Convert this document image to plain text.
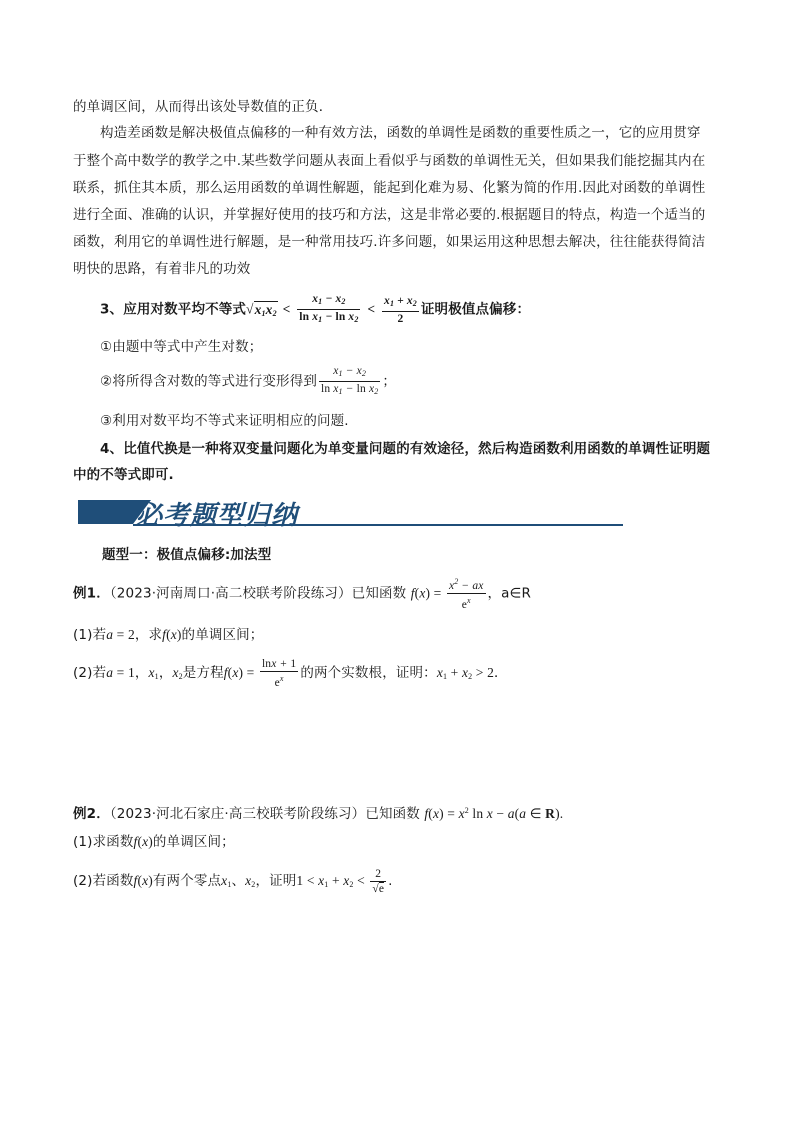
的单调区间，从而得出该处导数值的正负．
构造差函数是解决极值点偏移的一种有效方法，函数的单调性是函数的重要性质之一，它的应用贯穿
于整个高中数学的教学之中.某些数学问题从表面上看似乎与函数的单调性无关，但如果我们能挖掘其内在
联系，抓住其本质，那么运用函数的单调性解题，能起到化难为易、化繁为简的作用.因此对函数的单调性
进行全面、准确的认识，并掌握好使用的技巧和方法，这是非常必要的.根据题目的特点，构造一个适当的
函数，利用它的单调性进行解题，是一种常用技巧.许多问题，如果运用这种思想去解决，往往能获得简洁
明快的思路，有着非凡的功效
3、应用对数平均不等式$√x_1x_2 < \frac{x_1 - x_2}{\ln x_1 - \ln x_2} < \frac{x_1 + x_2}{2}$ 证明极值点偏移：
①由题中等式中产生对数；
②将所得含对数的等式进行变形得到 $\frac{x_1 - x_2}{\ln x_1 - \ln x_2}$ ；
③利用对数平均不等式来证明相应的问题.
4、比值代换是一种将双变量问题化为单变量问题的有效途径，然后构造函数利用函数的单调性证明题
中的不等式即可.
必考题型归纳
题型一：极值点偏移:加法型
例1．（2023·河南周口·高二校联考阶段练习）已知函数 $f(x) = \frac{x^2 - ax}{e^x}$ ，a∈R
(1)若a = 2，求f(x)的单调区间；
(2)若a = 1，$x_1$，$x_2$是方程$f(x) = \frac{\ln x + 1}{e^x}$ 的两个实数根，证明：$x_1 + x_2 > 2$．
例2．（2023·河北石家庄·高三校联考阶段练习）已知函数 $f(x) = x^2$ ln x − a(a ∈ R).
(1)求函数f(x)的单调区间；
(2)若函数f(x)有两个零点$x_1$、$x_2$，证明$1 < x_1 + x_2 < \frac{2}{√e}$ .
